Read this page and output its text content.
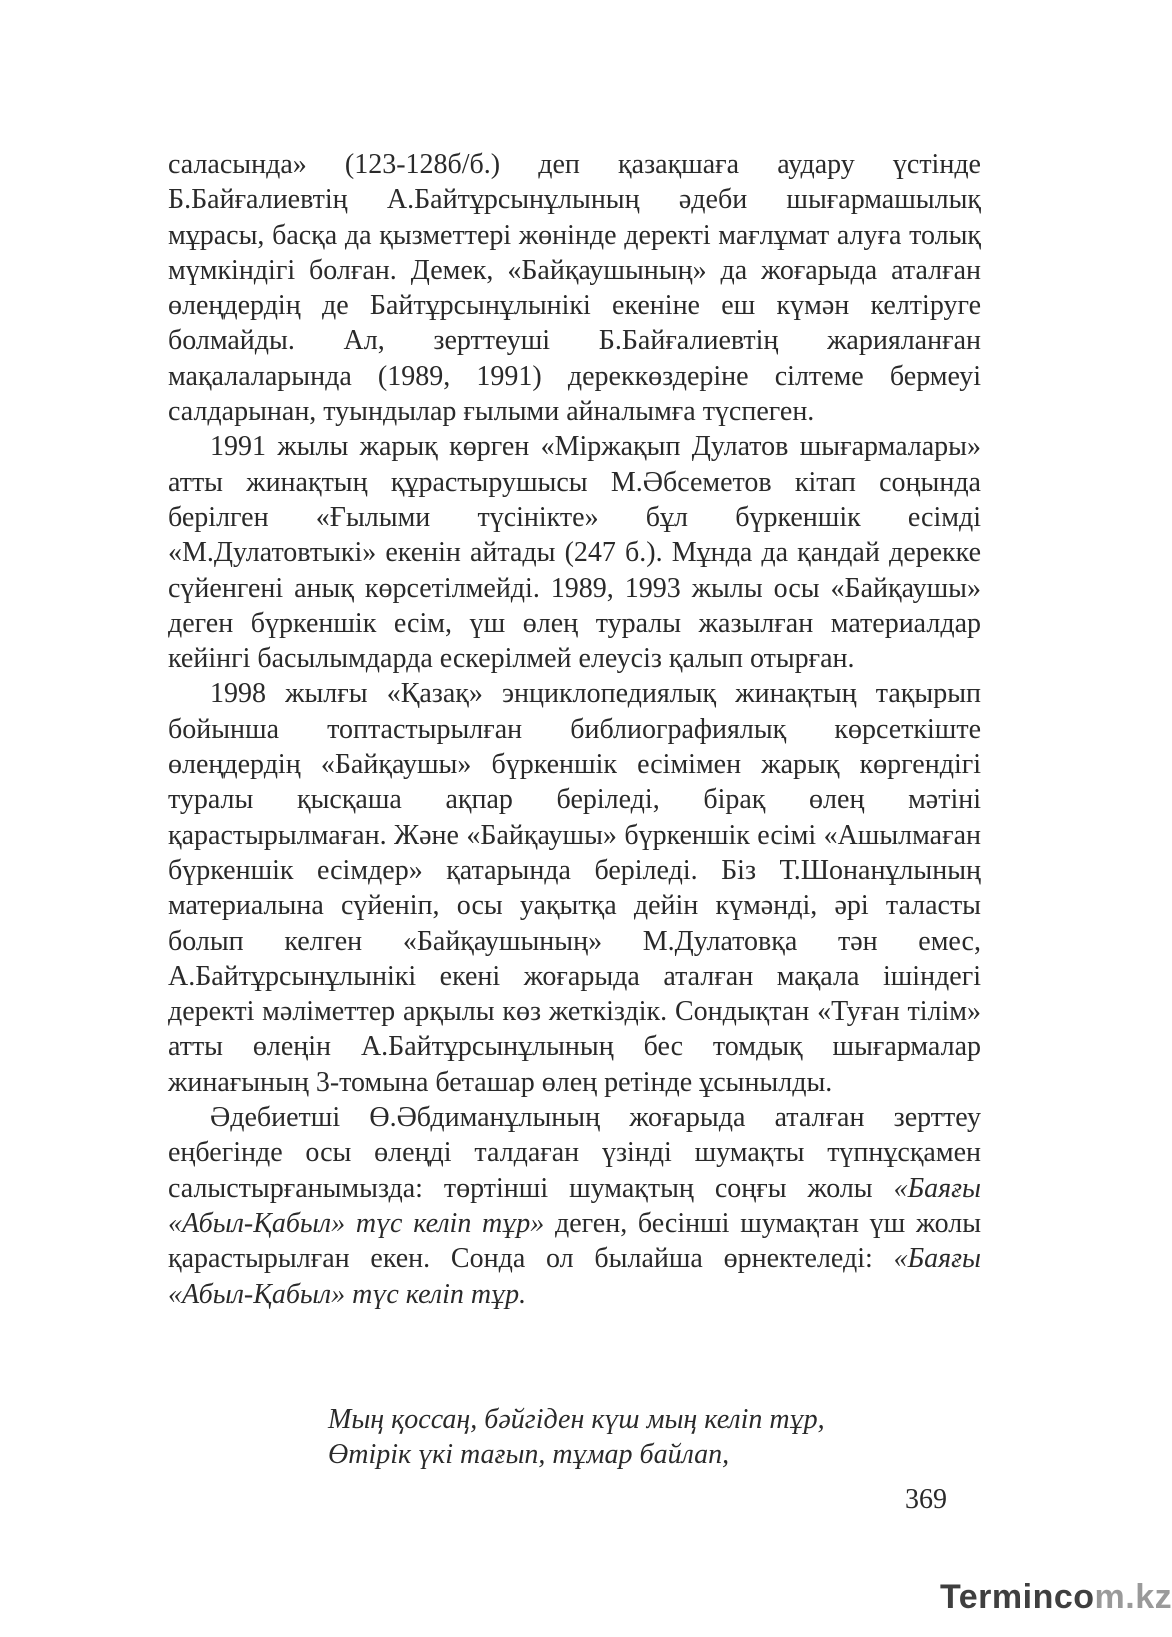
саласында» (123-128б/б.) деп қазақшаға аудару үстінде Б.Байғалиевтің А.Байтұрсынұлының әдеби шығармашылық мұрасы, басқа да қызметтері жөнінде деректі мағлұмат алуға толық мүмкіндігі болған. Демек, «Байқаушының» да жоғарыда аталған өлеңдердің де Байтұрсынұлынікі екеніне еш күмән келтіруге болмайды. Ал, зерттеуші Б.Байғалиевтің жарияланған мақалаларында (1989, 1991) дереккөздеріне сілтеме бермеуі салдарынан, туындылар ғылыми айналымға түспеген.

1991 жылы жарық көрген «Міржақып Дулатов шығармалары» атты жинақтың құрастырушысы М.Әбсеметов кітап соңында берілген «Ғылыми түсінікте» бұл бүркеншік есімді «М.Дулатовтыкі» екенін айтады (247 б.). Мұнда да қандай дерекке сүйенгені анық көрсетілмейді. 1989, 1993 жылы осы «Байқаушы» деген бүркеншік есім, үш өлең туралы жазылған материалдар кейінгі басылымдарда ескерілмей елеусіз қалып отырған.

1998 жылғы «Қазақ» энциклопедиялық жинақтың тақырып бойынша топтастырылған библиографиялық көрсеткіште өлеңдердің «Байқаушы» бүркеншік есімімен жарық көргендігі туралы қысқаша ақпар беріледі, бірақ өлең мәтіні қарастырылмаған. Және «Байқаушы» бүркеншік есімі «Ашылмаған бүркеншік есімдер» қатарында беріледі. Біз Т.Шонанұлының материалына сүйеніп, осы уақытқа дейін күмәнді, әрі таласты болып келген «Байқаушының» М.Дулатовқа тән емес, А.Байтұрсынұлынікі екені жоғарыда аталған мақала ішіндегі деректі мәліметтер арқылы көз жеткіздік. Сондықтан «Туған тілім» атты өлеңін А.Байтұрсынұлының бес томдық шығармалар жинағының 3-томына беташар өлең ретінде ұсынылды.

Әдебиетші Ө.Әбдиманұлының жоғарыда аталған зерттеу еңбегінде осы өлеңді талдаған үзінді шумақты түпнұсқамен салыстырғанымызда: төртінші шумақтың соңғы жолы «Баяғы «Абыл-Қабыл» түс келіп тұр» деген, бесінші шумақтан үш жолы қарастырылған екен. Сонда ол былайша өрнектеледі: «Баяғы «Абыл-Қабыл» түс келіп тұр.

Мың қоссаң, бәйгіден күш мың келіп тұр,
Өтірік үкі тағып, тұмар байлап,
369
Termincоm.kz
